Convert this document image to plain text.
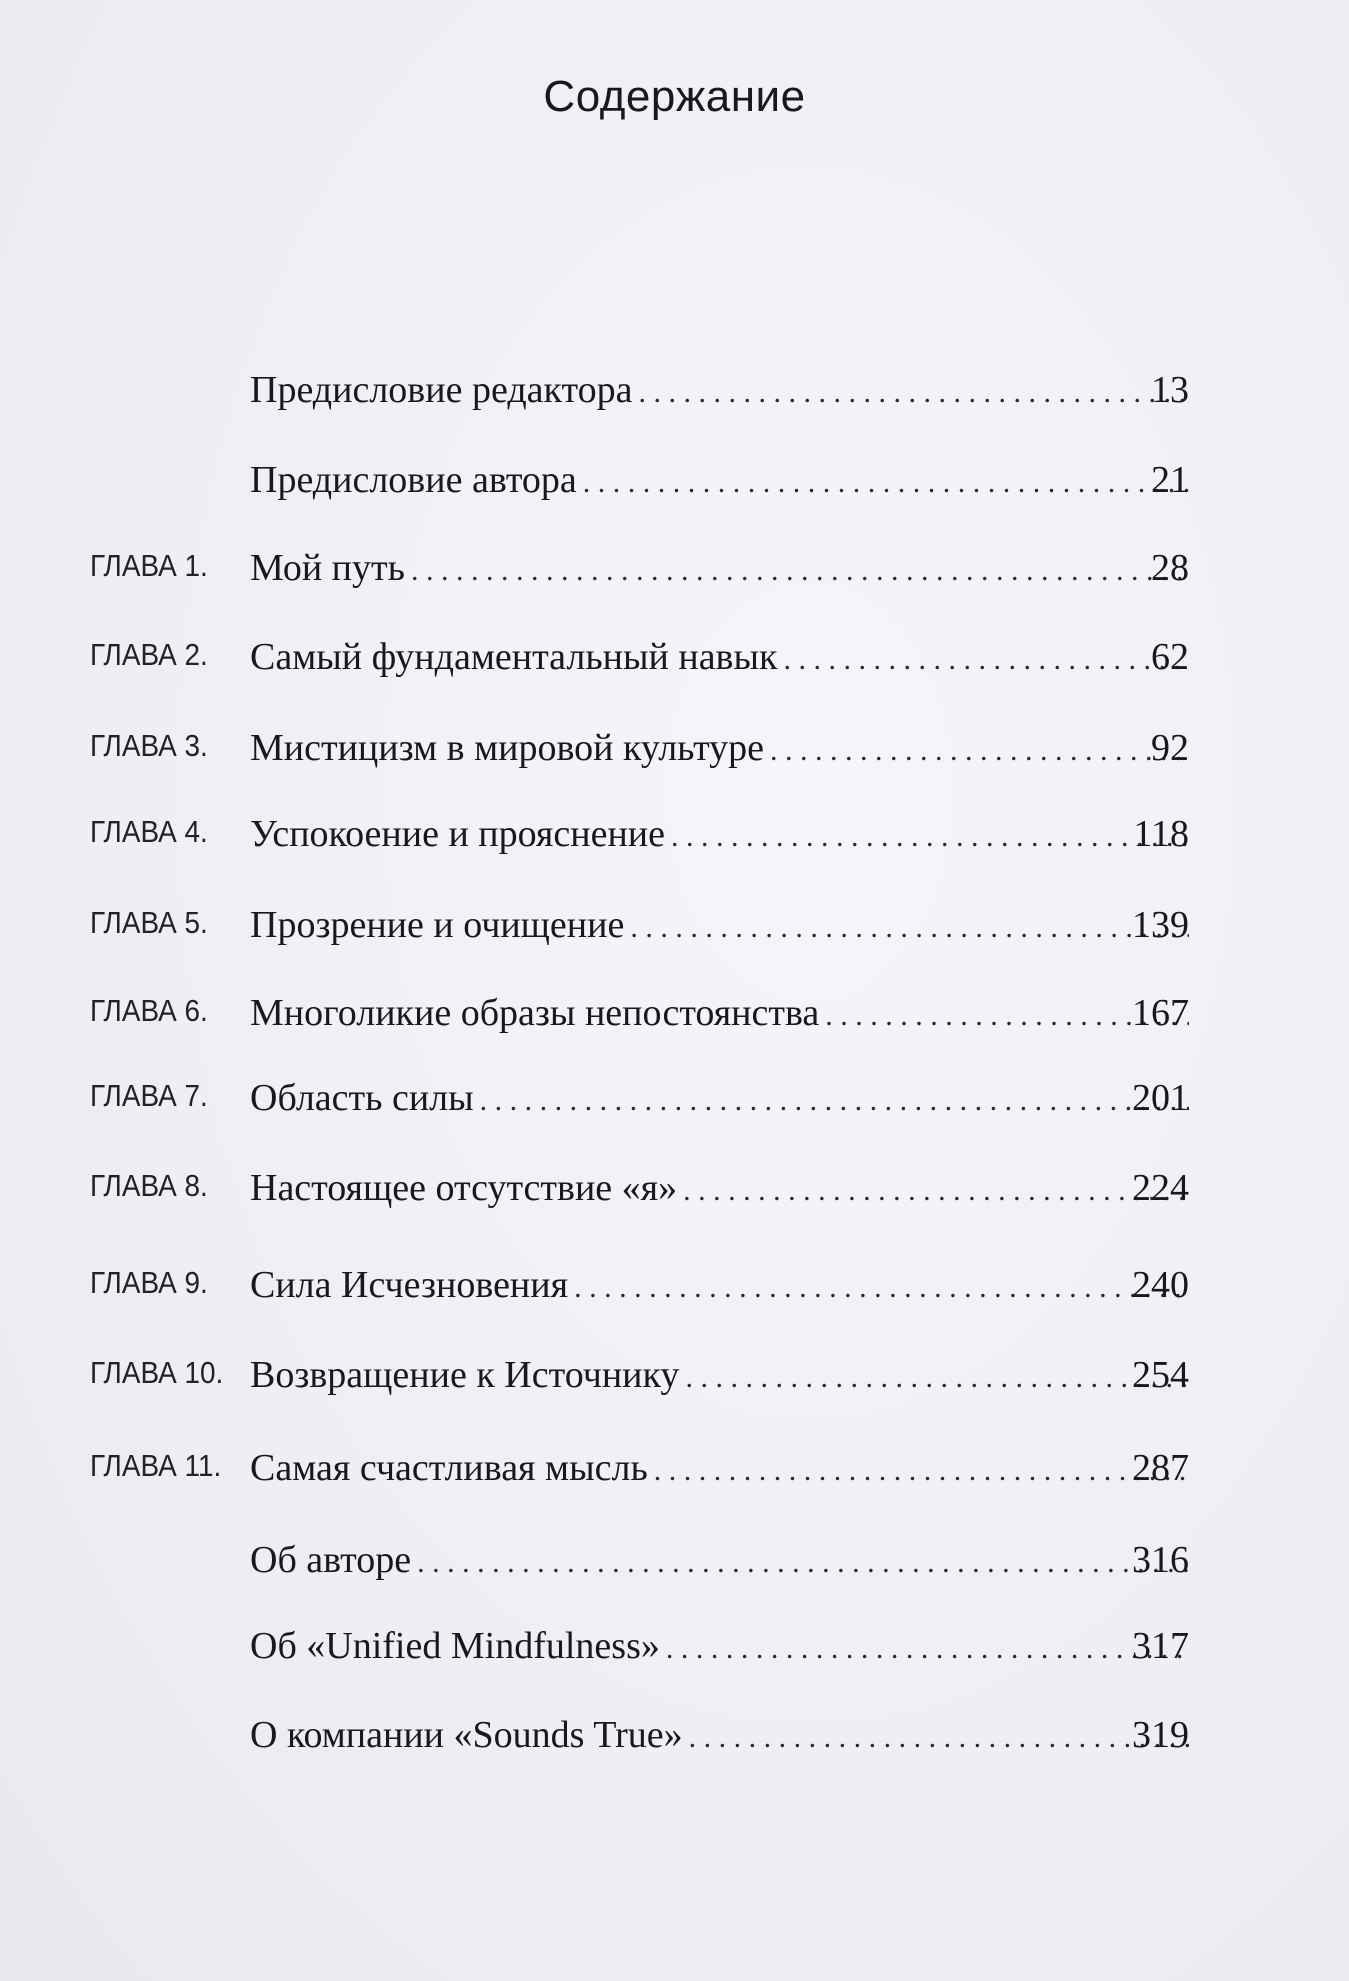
Содержание
Предисловие редактора . . .	13
Предисловие автора . . .	21
ГЛАВА 1. Мой путь . . .	28
ГЛАВА 2. Самый фундаментальный навык . . .	62
ГЛАВА 3. Мистицизм в мировой культуре . . .	92
ГЛАВА 4. Успокоение и прояснение . . .	118
ГЛАВА 5. Прозрение и очищение . . .	139
ГЛАВА 6. Многоликие образы непостоянства . . .	167
ГЛАВА 7. Область силы . . .	201
ГЛАВА 8. Настоящее отсутствие «я» . . .	224
ГЛАВА 9. Сила Исчезновения . . .	240
ГЛАВА 10. Возвращение к Источнику . . .	254
ГЛАВА 11. Самая счастливая мысль . . .	287
Об авторе . . .	316
Об «Unified Mindfulness» . . .	317
О компании «Sounds True» . . .	319
